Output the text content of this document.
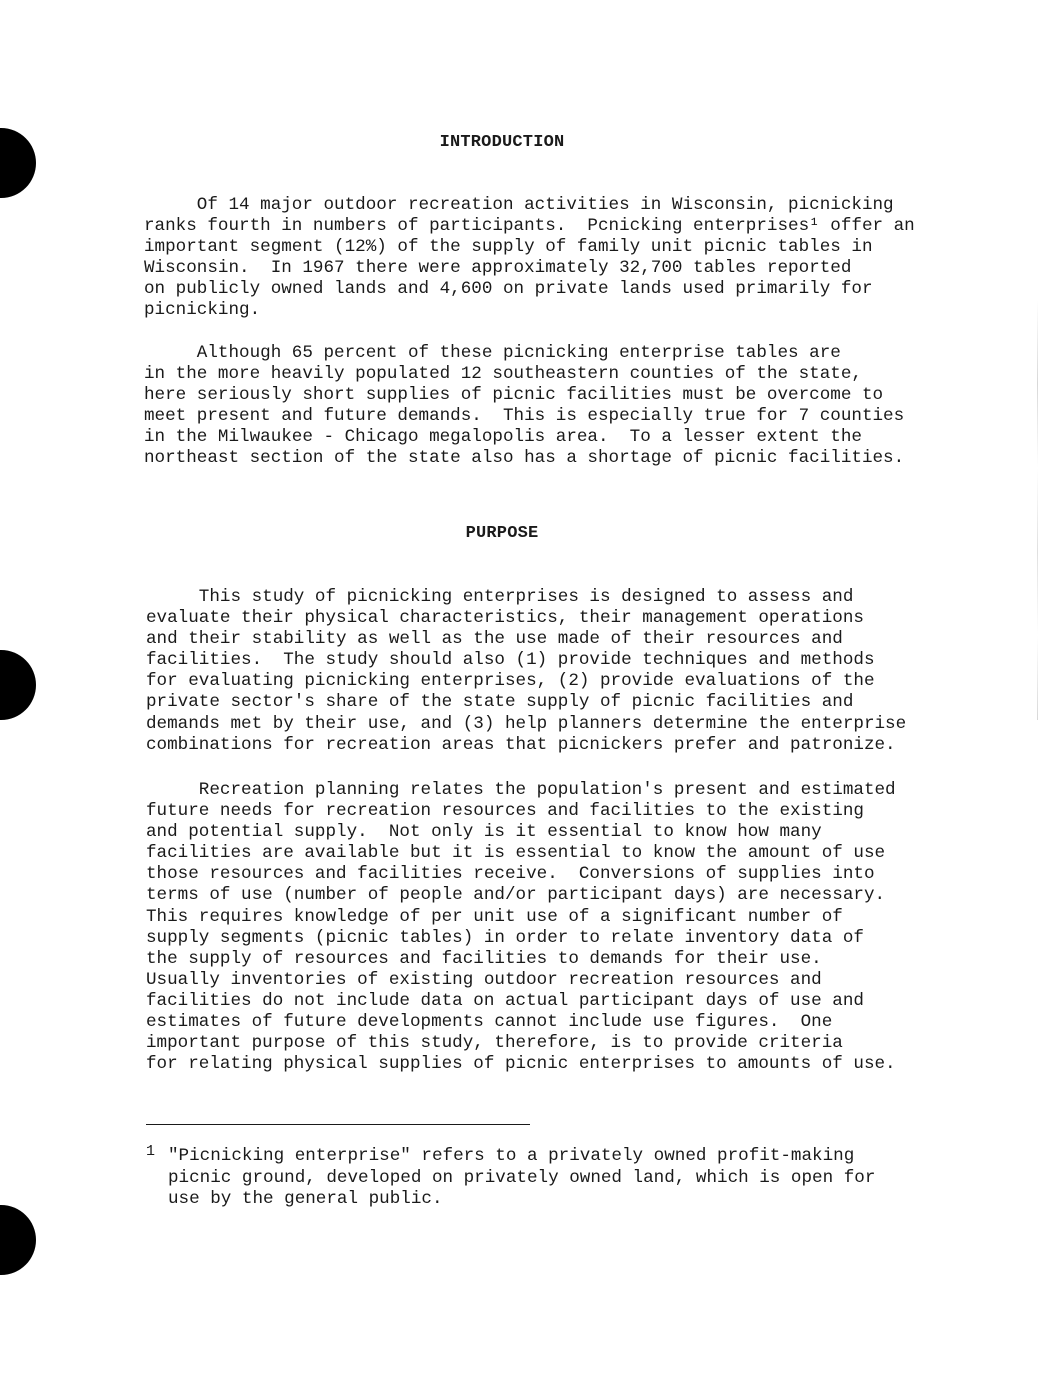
INTRODUCTION

Of 14 major outdoor recreation activities in Wisconsin, picnicking
ranks fourth in numbers of participants.  Pcnicking enterprises¹ offer an
important segment (12%) of the supply of family unit picnic tables in
Wisconsin.  In 1967 there were approximately 32,700 tables reported
on publicly owned lands and 4,600 on private lands used primarily for
picnicking.

Although 65 percent of these picnicking enterprise tables are
in the more heavily populated 12 southeastern counties of the state,
here seriously short supplies of picnic facilities must be overcome to
meet present and future demands.  This is especially true for 7 counties
in the Milwaukee - Chicago megalopolis area.  To a lesser extent the
northeast section of the state also has a shortage of picnic facilities.

PURPOSE

This study of picnicking enterprises is designed to assess and
evaluate their physical characteristics, their management operations
and their stability as well as the use made of their resources and
facilities.  The study should also (1) provide techniques and methods
for evaluating picnicking enterprises, (2) provide evaluations of the
private sector's share of the state supply of picnic facilities and
demands met by their use, and (3) help planners determine the enterprise
combinations for recreation areas that picnickers prefer and patronize.

Recreation planning relates the population's present and estimated
future needs for recreation resources and facilities to the existing
and potential supply.  Not only is it essential to know how many
facilities are available but it is essential to know the amount of use
those resources and facilities receive.  Conversions of supplies into
terms of use (number of people and/or participant days) are necessary.
This requires knowledge of per unit use of a significant number of
supply segments (picnic tables) in order to relate inventory data of
the supply of resources and facilities to demands for their use.
Usually inventories of existing outdoor recreation resources and
facilities do not include data on actual participant days of use and
estimates of future developments cannot include use figures.  One
important purpose of this study, therefore, is to provide criteria
for relating physical supplies of picnic enterprises to amounts of use.

1 "Picnicking enterprise" refers to a privately owned profit-making
picnic ground, developed on privately owned land, which is open for
use by the general public.
